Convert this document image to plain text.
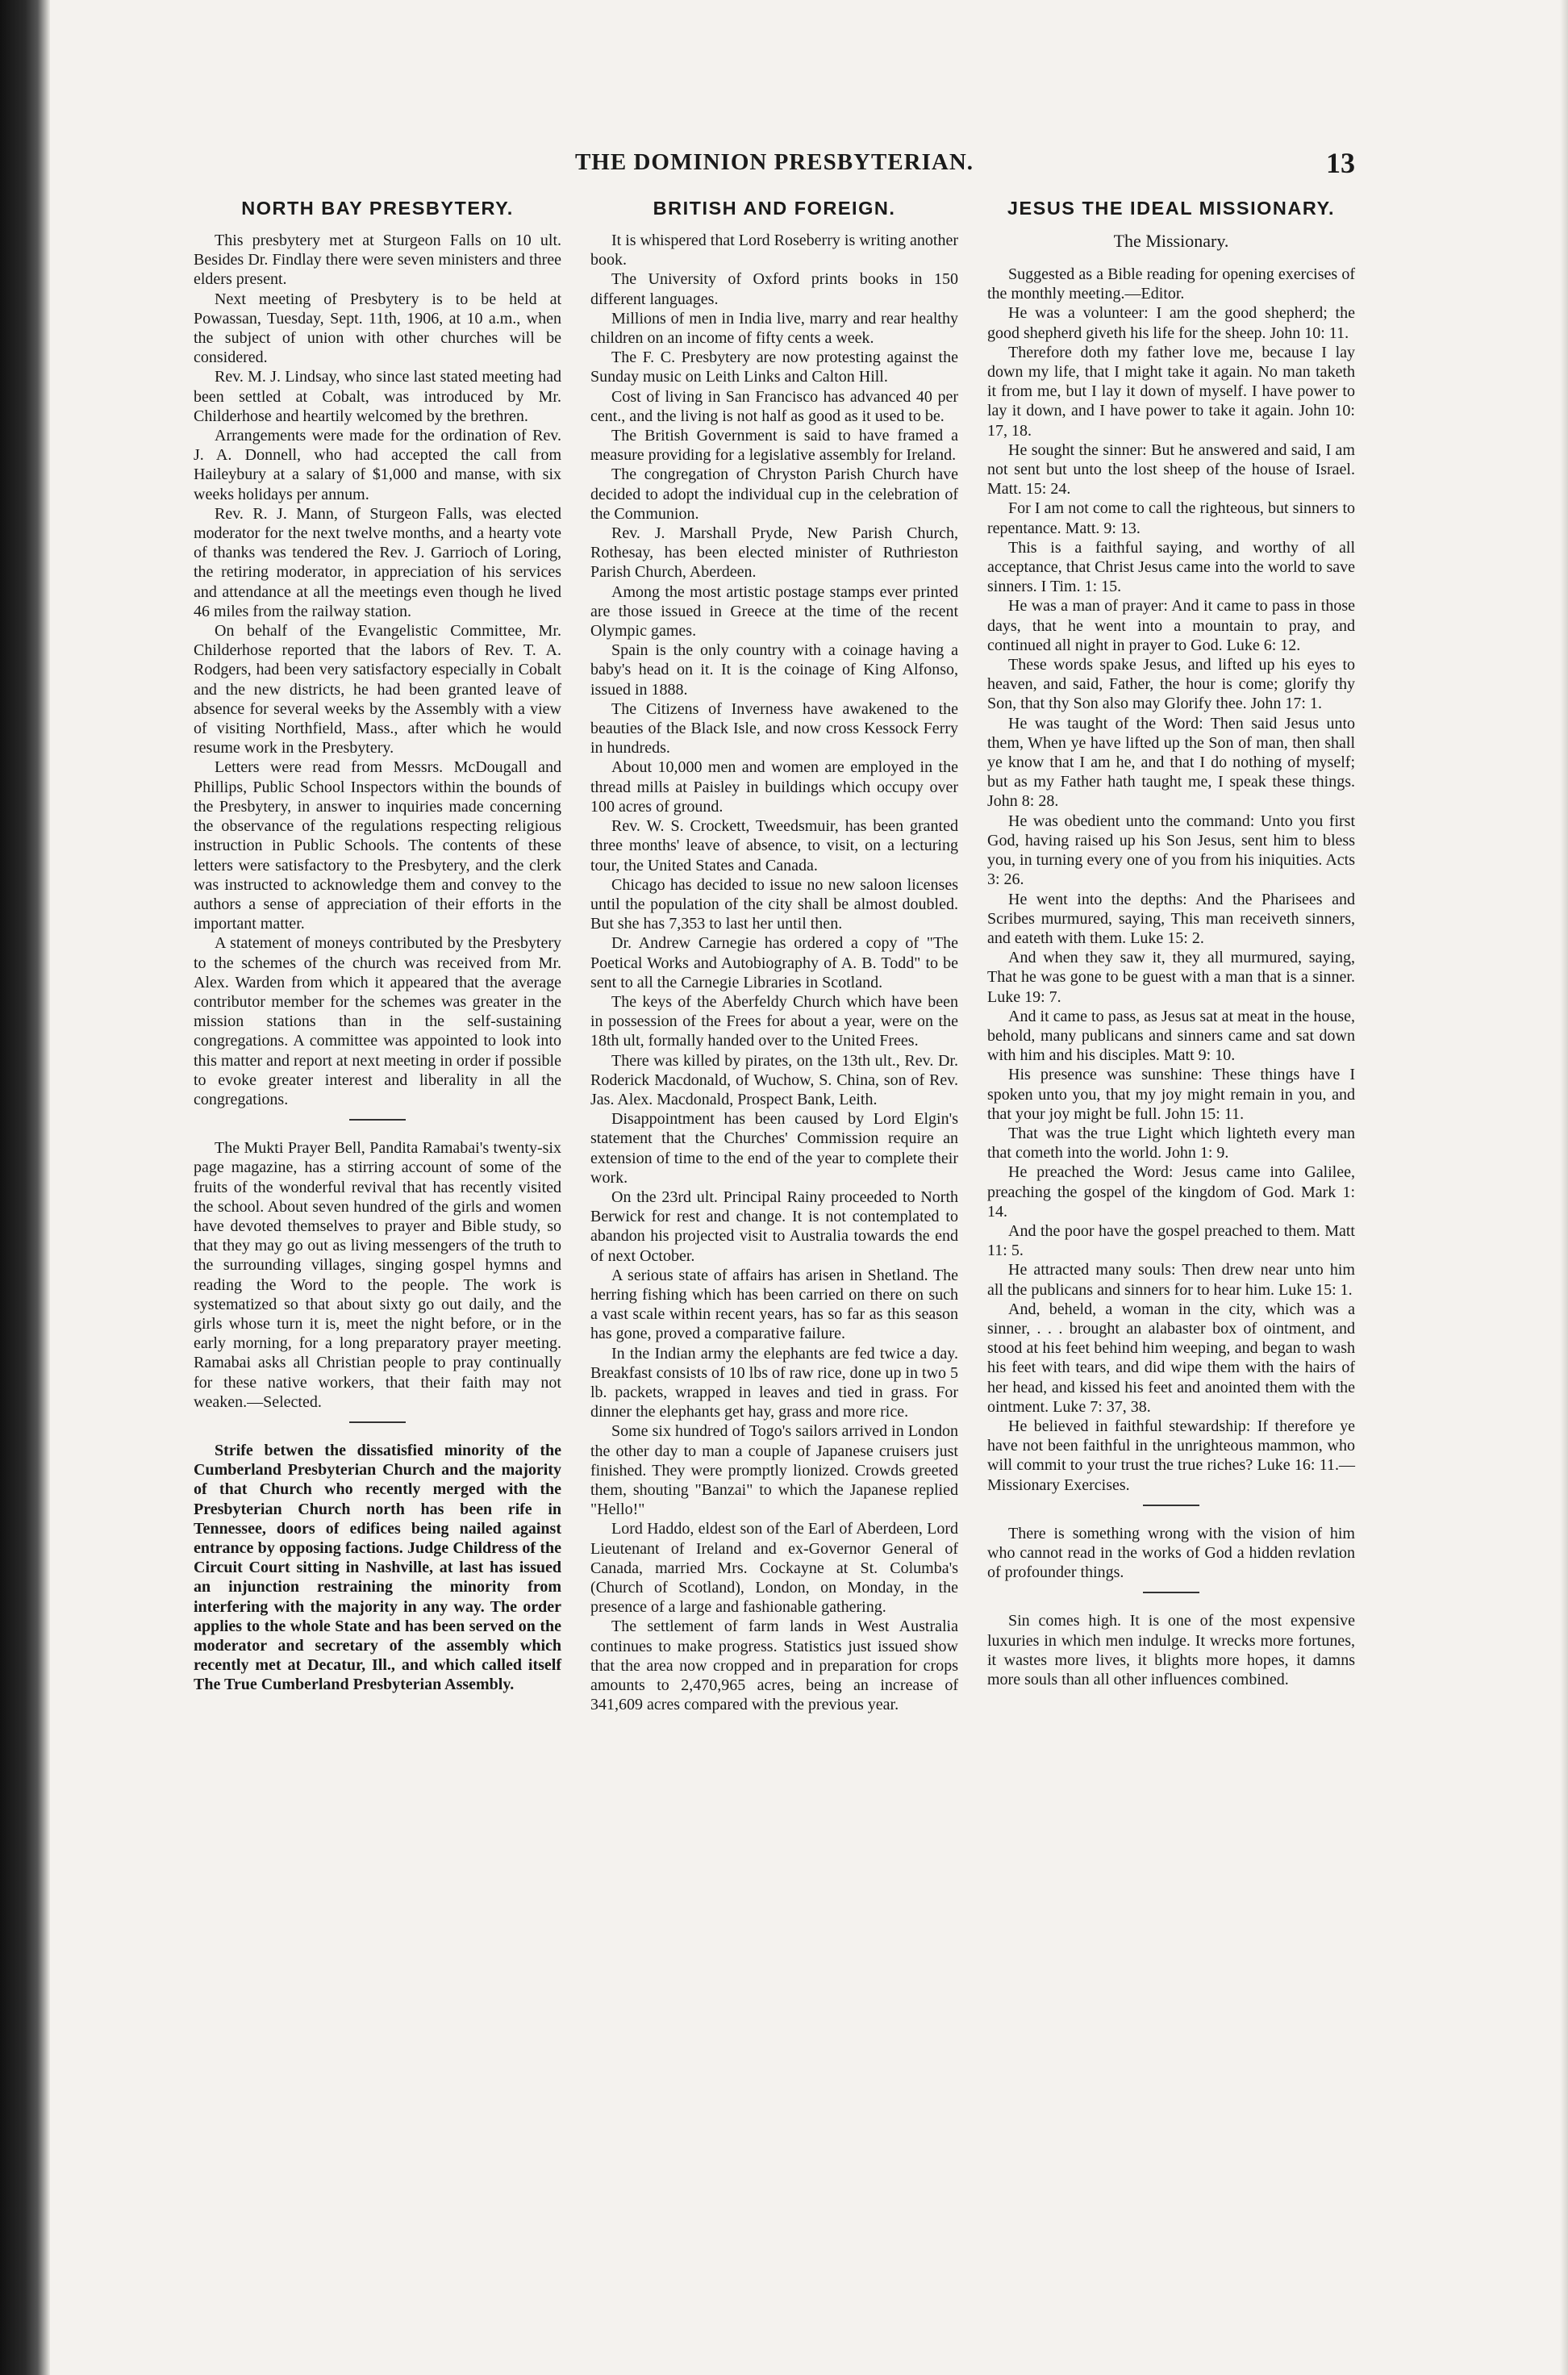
THE DOMINION PRESBYTERIAN.	13
NORTH BAY PRESBYTERY.

This presbytery met at Sturgeon Falls on 10 ult. Besides Dr. Findlay there were seven ministers and three elders present.

Next meeting of Presbytery is to be held at Powassan, Tuesday, Sept. 11th, 1906, at 10 a.m., when the subject of union with other churches will be considered.

Rev. M. J. Lindsay, who since last stated meeting had been settled at Cobalt, was introduced by Mr. Childerhose and heartily welcomed by the brethren.

Arrangements were made for the ordination of Rev. J. A. Donnell, who had accepted the call from Haileybury at a salary of $1,000 and manse, with six weeks holidays per annum.

Rev. R. J. Mann, of Sturgeon Falls, was elected moderator for the next twelve months, and a hearty vote of thanks was tendered the Rev. J. Garrioch of Loring, the retiring moderator, in appreciation of his services and attendance at all the meetings even though he lived 46 miles from the railway station.

On behalf of the Evangelistic Committee, Mr. Childerhose reported that the labors of Rev. T. A. Rodgers, had been very satisfactory especially in Cobalt and the new districts, he had been granted leave of absence for several weeks by the Assembly with a view of visiting Northfield, Mass., after which he would resume work in the Presbytery.

Letters were read from Messrs. McDougall and Phillips, Public School Inspectors within the bounds of the Presbytery, in answer to inquiries made concerning the observance of the regulations respecting religious instruction in Public Schools. The contents of these letters were satisfactory to the Presbytery, and the clerk was instructed to acknowledge them and convey to the authors a sense of appreciation of their efforts in the important matter.

A statement of moneys contributed by the Presbytery to the schemes of the church was received from Mr. Alex. Warden from which it appeared that the average contributor member for the schemes was greater in the mission stations than in the self-sustaining congregations. A committee was appointed to look into this matter and report at next meeting in order if possible to evoke greater interest and liberality in all the congregations.

The Mukti Prayer Bell, Pandita Ramabai's twenty-six page magazine, has a stirring account of some of the fruits of the wonderful revival that has recently visited the school. About seven hundred of the girls and women have devoted themselves to prayer and Bible study, so that they may go out as living messengers of the truth to the surrounding villages, singing gospel hymns and reading the Word to the people. The work is systematized so that about sixty go out daily, and the girls whose turn it is, meet the night before, or in the early morning, for a long preparatory prayer meeting. Ramabai asks all Christian people to pray continually for these native workers, that their faith may not weaken.—Selected.

Strife betwen the dissatisfied minority of the Cumberland Presbyterian Church and the majority of that Church who recently merged with the Presbyterian Church north has been rife in Tennessee, doors of edifices being nailed against entrance by opposing factions. Judge Childress of the Circuit Court sitting in Nashville, at last has issued an injunction restraining the minority from interfering with the majority in any way. The order applies to the whole State and has been served on the moderator and secretary of the assembly which recently met at Decatur, Ill., and which called itself The True Cumberland Presbyterian Assembly.

BRITISH AND FOREIGN.

It is whispered that Lord Roseberry is writing another book.

The University of Oxford prints books in 150 different languages.

Millions of men in India live, marry and rear healthy children on an income of fifty cents a week.

The F. C. Presbytery are now protesting against the Sunday music on Leith Links and Calton Hill.

Cost of living in San Francisco has advanced 40 per cent., and the living is not half as good as it used to be.

The British Government is said to have framed a measure providing for a legislative assembly for Ireland.

The congregation of Chryston Parish Church have decided to adopt the individual cup in the celebration of the Communion.

Rev. J. Marshall Pryde, New Parish Church, Rothesay, has been elected minister of Ruthrieston Parish Church, Aberdeen.

Among the most artistic postage stamps ever printed are those issued in Greece at the time of the recent Olympic games.

Spain is the only country with a coinage having a baby's head on it. It is the coinage of King Alfonso, issued in 1888.

The Citizens of Inverness have awakened to the beauties of the Black Isle, and now cross Kessock Ferry in hundreds.

About 10,000 men and women are employed in the thread mills at Paisley in buildings which occupy over 100 acres of ground.

Rev. W. S. Crockett, Tweedsmuir, has been granted three months' leave of absence, to visit, on a lecturing tour, the United States and Canada.

Chicago has decided to issue no new saloon licenses until the population of the city shall be almost doubled. But she has 7,353 to last her until then.

Dr. Andrew Carnegie has ordered a copy of "The Poetical Works and Autobiography of A. B. Todd" to be sent to all the Carnegie Libraries in Scotland.

The keys of the Aberfeldy Church which have been in possession of the Frees for about a year, were on the 18th ult, formally handed over to the United Frees.

There was killed by pirates, on the 13th ult., Rev. Dr. Roderick Macdonald, of Wuchow, S. China, son of Rev. Jas. Alex. Macdonald, Prospect Bank, Leith.

Disappointment has been caused by Lord Elgin's statement that the Churches' Commission require an extension of time to the end of the year to complete their work.

On the 23rd ult. Principal Rainy proceeded to North Berwick for rest and change. It is not contemplated to abandon his projected visit to Australia towards the end of next October.

A serious state of affairs has arisen in Shetland. The herring fishing which has been carried on there on such a vast scale within recent years, has so far as this season has gone, proved a comparative failure.

In the Indian army the elephants are fed twice a day. Breakfast consists of 10 lbs of raw rice, done up in two 5 lb. packets, wrapped in leaves and tied in grass. For dinner the elephants get hay, grass and more rice.

Some six hundred of Togo's sailors arrived in London the other day to man a couple of Japanese cruisers just finished. They were promptly lionized. Crowds greeted them, shouting "Banzai" to which the Japanese replied "Hello!"

Lord Haddo, eldest son of the Earl of Aberdeen, Lord Lieutenant of Ireland and ex-Governor General of Canada, married Mrs. Cockayne at St. Columba's (Church of Scotland), London, on Monday, in the presence of a large and fashionable gathering.

The settlement of farm lands in West Australia continues to make progress. Statistics just issued show that the area now cropped and in preparation for crops amounts to 2,470,965 acres, being an increase of 341,609 acres compared with the previous year.

JESUS THE IDEAL MISSIONARY.
The Missionary.

Suggested as a Bible reading for opening exercises of the monthly meeting.—Editor.

He was a volunteer: I am the good shepherd; the good shepherd giveth his life for the sheep. John 10: 11.

Therefore doth my father love me, because I lay down my life, that I might take it again. No man taketh it from me, but I lay it down of myself. I have power to lay it down, and I have power to take it again. John 10: 17, 18.

He sought the sinner: But he answered and said, I am not sent but unto the lost sheep of the house of Israel. Matt. 15: 24.

For I am not come to call the righteous, but sinners to repentance. Matt. 9: 13.

This is a faithful saying, and worthy of all acceptance, that Christ Jesus came into the world to save sinners. I Tim. 1: 15.

He was a man of prayer: And it came to pass in those days, that he went into a mountain to pray, and continued all night in prayer to God. Luke 6: 12.

These words spake Jesus, and lifted up his eyes to heaven, and said, Father, the hour is come; glorify thy Son, that thy Son also may Glorify thee. John 17: 1.

He was taught of the Word: Then said Jesus unto them, When ye have lifted up the Son of man, then shall ye know that I am he, and that I do nothing of myself; but as my Father hath taught me, I speak these things. John 8: 28.

He was obedient unto the command: Unto you first God, having raised up his Son Jesus, sent him to bless you, in turning every one of you from his iniquities. Acts 3: 26.

He went into the depths: And the Pharisees and Scribes murmured, saying, This man receiveth sinners, and eateth with them. Luke 15: 2.

And when they saw it, they all murmured, saying, That he was gone to be guest with a man that is a sinner. Luke 19: 7.

And it came to pass, as Jesus sat at meat in the house, behold, many publicans and sinners came and sat down with him and his disciples. Matt 9: 10.

His presence was sunshine: These things have I spoken unto you, that my joy might remain in you, and that your joy might be full. John 15: 11.

That was the true Light which lighteth every man that cometh into the world. John 1: 9.

He preached the Word: Jesus came into Galilee, preaching the gospel of the kingdom of God. Mark 1: 14.

And the poor have the gospel preached to them. Matt 11: 5.

He attracted many souls: Then drew near unto him all the publicans and sinners for to hear him. Luke 15: 1.

And, beheld, a woman in the city, which was a sinner, . . . brought an alabaster box of ointment, and stood at his feet behind him weeping, and began to wash his feet with tears, and did wipe them with the hairs of her head, and kissed his feet and anointed them with the ointment. Luke 7: 37, 38.

He believed in faithful stewardship: If therefore ye have not been faithful in the unrighteous mammon, who will commit to your trust the true riches? Luke 16: 11.—Missionary Exercises.

There is something wrong with the vision of him who cannot read in the works of God a hidden revlation of profounder things.

Sin comes high. It is one of the most expensive luxuries in which men indulge. It wrecks more fortunes, it wastes more lives, it blights more hopes, it damns more souls than all other influences combined.
